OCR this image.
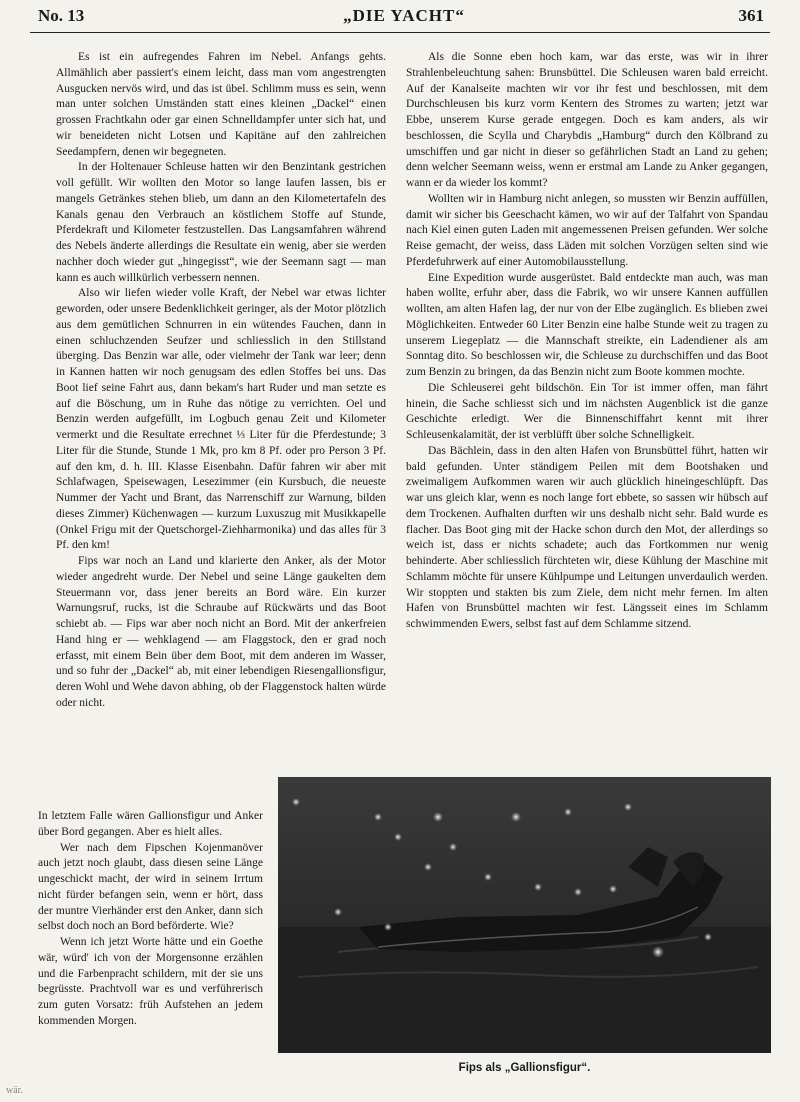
No. 13	„DIE YACHT“	361

Es ist ein aufregendes Fahren im Nebel. Anfangs gehts. Allmählich aber passiert's einem leicht, dass man vom angestrengten Ausgucken nervös wird, und das ist übel. Schlimm muss es sein, wenn man unter solchen Umständen statt eines kleinen „Dackel“ einen grossen Frachtkahn oder gar einen Schnelldampfer unter sich hat, und wir beneideten nicht Lotsen und Kapitäne auf den zahlreichen Seedampfern, denen wir begegneten.

In der Holtenauer Schleuse hatten wir den Benzintank gestrichen voll gefüllt. Wir wollten den Motor so lange laufen lassen, bis er mangels Getränkes stehen blieb, um dann an den Kilometertafeln des Kanals genau den Verbrauch an köstlichem Stoffe auf Stunde, Pferdekraft und Kilometer festzustellen. Das Langsamfahren während des Nebels änderte allerdings die Resultate ein wenig, aber sie werden nachher doch wieder gut „hingegisst“, wie der Seemann sagt — man kann es auch willkürlich verbessern nennen.

Also wir liefen wieder volle Kraft, der Nebel war etwas lichter geworden, oder unsere Bedenklichkeit geringer, als der Motor plötzlich aus dem gemütlichen Schnurren in ein wütendes Fauchen, dann in einen schluchzenden Seufzer und schliesslich in den Stillstand überging. Das Benzin war alle, oder vielmehr der Tank war leer; denn in Kannen hatten wir noch genugsam des edlen Stoffes bei uns. Das Boot lief seine Fahrt aus, dann bekam's hart Ruder und man setzte es auf die Böschung, um in Ruhe das nötige zu verrichten. Oel und Benzin werden aufgefüllt, im Logbuch genau Zeit und Kilometer vermerkt und die Resultate errechnet ⅓ Liter für die Pferdestunde; 3 Liter für die Stunde, Stunde 1 Mk, pro km 8 Pf. oder pro Person 3 Pf. auf den km, d. h. III. Klasse Eisenbahn. Dafür fahren wir aber mit Schlafwagen, Speisewagen, Lesezimmer (ein Kursbuch, die neueste Nummer der Yacht und Brant, das Narrenschiff zur Warnung, bilden dieses Zimmer) Küchenwagen — kurzum Luxuszug mit Musikkapelle (Onkel Frigu mit der Quetschorgel-Ziehharmonika) und das alles für 3 Pf. den km!

Fips war noch an Land und klarierte den Anker, als der Motor wieder angedreht wurde. Der Nebel und seine Länge gaukelten dem Steuermann vor, dass jener bereits an Bord wäre. Ein kurzer Warnungsruf, rucks, ist die Schraube auf Rückwärts und das Boot schiebt ab. — Fips war aber noch nicht an Bord. Mit der ankerfreien Hand hing er — wehklagend — am Flaggstock, den er grad noch erfasst, mit einem Bein über dem Boot, mit dem anderen im Wasser, und so fuhr der „Dackel“ ab, mit einer lebendigen Riesengallionsfigur, deren Wohl und Wehe davon abhing, ob der Flaggenstock halten würde oder nicht.

In letztem Falle wären Gallionsfigur und Anker über Bord gegangen. Aber es hielt alles.

Wer nach dem Fipschen Kojenmanöver auch jetzt noch glaubt, dass diesen seine Länge ungeschickt macht, der wird in seinem Irrtum nicht fürder befangen sein, wenn er hört, dass der muntre Vierhänder erst den Anker, dann sich selbst doch noch an Bord beförderte. Wie?

Wenn ich jetzt Worte hätte und ein Goethe wär, würd' ich von der Morgensonne erzählen und die Farbenpracht schildern, mit der sie uns begrüsste. Prachtvoll war es und verführerisch zum guten Vorsatz: früh Aufstehen an jedem kommenden Morgen.

Als die Sonne eben hoch kam, war das erste, was wir in ihrer Strahlenbeleuchtung sahen: Brunsbüttel. Die Schleusen waren bald erreicht. Auf der Kanalseite machten wir vor ihr fest und beschlossen, mit dem Durchschleusen bis kurz vorm Kentern des Stromes zu warten; jetzt war Ebbe, unserem Kurse gerade entgegen. Doch es kam anders, als wir beschlossen, die Scylla und Charybdis „Hamburg“ durch den Kölbrand zu umschiffen und gar nicht in dieser so gefährlichen Stadt an Land zu gehen; denn welcher Seemann weiss, wenn er erstmal am Lande zu Anker gegangen, wann er da wieder los kommt?

Wollten wir in Hamburg nicht anlegen, so mussten wir Benzin auffüllen, damit wir sicher bis Geeschacht kämen, wo wir auf der Talfahrt von Spandau nach Kiel einen guten Laden mit angemessenen Preisen gefunden. Wer solche Reise gemacht, der weiss, dass Läden mit solchen Vorzügen selten sind wie Pferdefuhrwerk auf einer Automobilausstellung.

Eine Expedition wurde ausgerüstet. Bald entdeckte man auch, was man haben wollte, erfuhr aber, dass die Fabrik, wo wir unsere Kannen auffüllen wollten, am alten Hafen lag, der nur von der Elbe zugänglich. Es blieben zwei Möglichkeiten. Entweder 60 Liter Benzin eine halbe Stunde weit zu tragen zu unserem Liegeplatz — die Mannschaft streikte, ein Ladendiener als am Sonntag dito. So beschlossen wir, die Schleuse zu durchschiffen und das Boot zum Benzin zu bringen, da das Benzin nicht zum Boote kommen mochte.

Die Schleuserei geht bildschön. Ein Tor ist immer offen, man fährt hinein, die Sache schliesst sich und im nächsten Augenblick ist die ganze Geschichte erledigt. Wer die Binnenschiffahrt kennt mit ihrer Schleusenkalamität, der ist verblüfft über solche Schnelligkeit.

Das Bächlein, dass in den alten Hafen von Brunsbüttel führt, hatten wir bald gefunden. Unter ständigem Peilen mit dem Bootshaken und zweimaligem Aufkommen waren wir auch glücklich hineingeschlüpft. Das war uns gleich klar, wenn es noch lange fort ebbete, so sassen wir hübsch auf dem Trockenen. Aufhalten durften wir uns deshalb nicht sehr. Bald wurde es flacher. Das Boot ging mit der Hacke schon durch den Mot, der allerdings so weich ist, dass er nichts schadete; auch das Fortkommen nur wenig behinderte. Aber schliesslich fürchteten wir, diese Kühlung der Maschine mit Schlamm möchte für unsere Kühlpumpe und Leitungen unverdaulich werden. Wir stoppten und stakten bis zum Ziele, dem nicht mehr fernen. Im alten Hafen von Brunsbüttel machten wir fest. Längsseit eines im Schlamm schwimmenden Ewers, selbst fast auf dem Schlamme sitzend.

Fips als „Gallionsfigur“.
wär.
